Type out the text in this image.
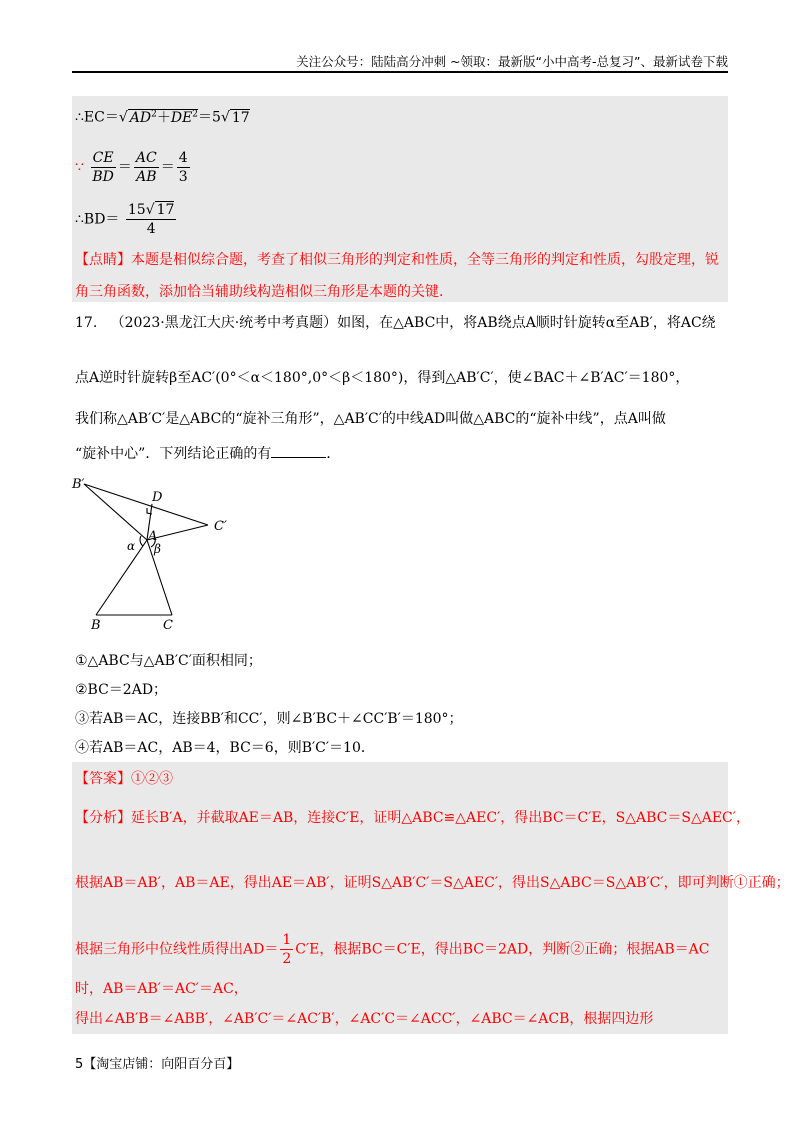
关注公众号：陆陆高分冲刺 ~领取：最新版“小中高考-总复习”、最新试卷下载
∴EC＝√ $AD^2+DE^2=5√$ 17
∵ $\frac{CE}{BD} = \frac{AC}{AB} = \frac{4}{3}$
∴BD＝ $\frac{15√ 17}{4}$
【点睛】本题是相似综合题，考查了相似三角形的判定和性质，全等三角形的判定和性质，勾股定理，锐
角三角函数，添加恰当辅助线构造相似三角形是本题的关键.
17. （2023·黑龙江大庆·统考中考真题）如图，在△ABC中，将AB绕点A顺时针旋转α至AB′，将AC绕
点A逆时针旋转β至AC′(0°＜α＜180°,0°＜β＜180°)，得到△AB′C′，使∠BAC＋∠B′AC′＝180°，
我们称△AB′C′是△ABC的“旋补三角形”，△AB′C′的中线AD叫做△ABC的“旋补中线”，点A叫做
“旋补中心”．下列结论正确的有	．
B′
D
C′
α
A
β
B	C
①△ABC与△AB′C′面积相同；
②BC＝2AD；
③若AB＝AC，连接BB′和CC′，则∠B′BC＋∠CC′B′＝180°；
④若AB＝AC，AB＝4，BC＝6，则B′C′＝10．
【答案】①②③
【分析】延长B′A，并截取AE＝AB，连接C′E，证明△ABC≌△AEC′，得出BC＝C′E，S△ABC＝S△AEC′，
根据AB＝AB′，AB＝AE，得出AE＝AB′，证明S△AB′C′＝S△AEC′，得出S△ABC＝S△AB′C′，即可判断①正确；
根据三角形中位线性质得出$AD= \frac{1}{2} C'E$，根据BC＝C′E，得出BC＝2AD，判断②正确；根据AB＝AC
时，AB＝AB′＝AC′＝AC，
得出∠AB′B＝∠ABB′，∠AB′C′＝∠AC′B′，∠AC′C＝∠ACC′，∠ABC＝∠ACB，根据四边形
5【淘宝店铺：向阳百分百】
